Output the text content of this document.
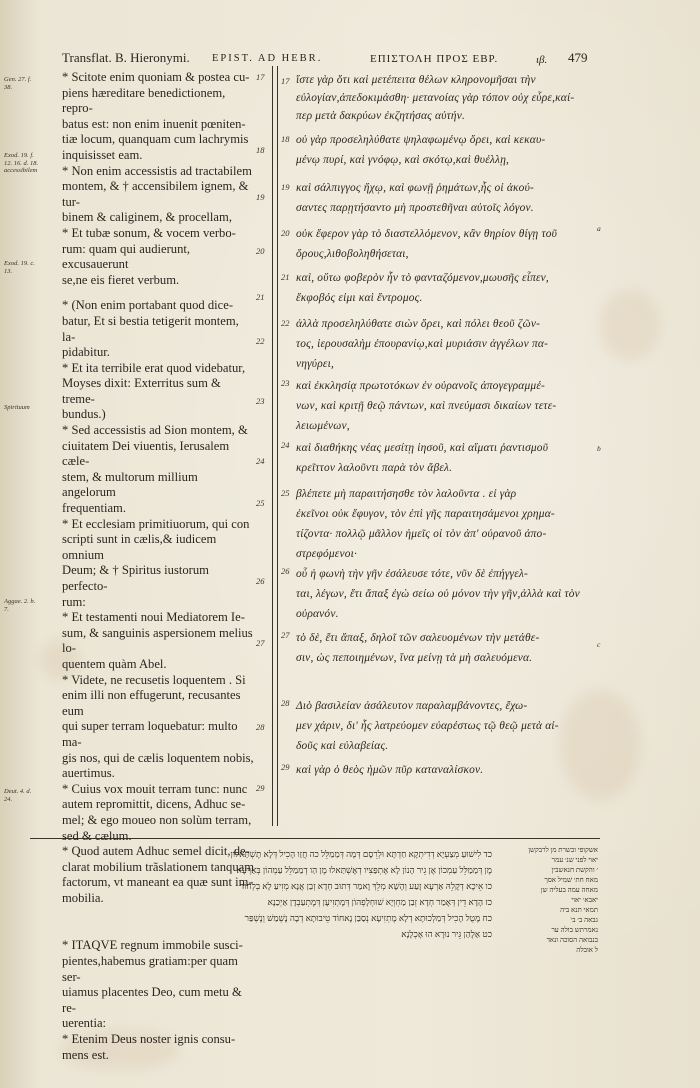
Transflat. B. Hieronymi. EPIST. AD HEBR.	ΕΠΙΣΤΟΛΗ ΠΡΟΣ ΕΒΡ.	ιβ. 479
Gen. 27. f. 38.
Exod. 19. f. 12. 16. d. 18. accessibilem
Exod. 19. c. 13.
Spirituum
Aggae. 2. b. 7.
Deut. 4. d. 24.
17
18
19
20
21
22
23
24
25
26
27
28
29

* Scitote enim quoniam & postea cu-

piens hæreditare benedictionem, repro-

batus est: non enim inuenit pœniten-

tiæ locum, quanquam cum lachrymis

inquisisset eam.

* Non enim accessistis ad tractabilem

montem, & † accensibilem ignem, & tur-

binem & caliginem, & procellam,

* Et tubæ sonum, & vocem verbo-

rum: quam qui audierunt, excusauerunt

se,ne eis fieret verbum.

* (Non enim portabant quod dice-

batur, Et si bestia tetigerit montem, la-

pidabitur.

* Et ita terribile erat quod videbatur,

Moyses dixit: Exterritus sum & treme-

bundus.)

* Sed accessistis ad Sion montem, &

ciuitatem Dei viuentis, Ierusalem cæle-

stem, & multorum millium angelorum

frequentiam.

* Et ecclesiam primitiuorum, qui con

scripti sunt in cælis,& iudicem omnium

Deum; & † Spiritus iustorum perfecto-

rum:

* Et testamenti noui Mediatorem Ie-

sum, & sanguinis aspersionem melius lo-

quentem quàm Abel.

* Videte, ne recusetis loquentem . Si

enim illi non effugerunt, recusantes eum

qui super terram loquebatur: multo ma-

gis nos, qui de cælis loquentem nobis,

auertimus.

* Cuius vox mouit terram tunc: nunc

autem repromittit, dicens, Adhuc se-

mel; & ego moueo non solùm terram,

sed & cælum.

* Quod autem Adhuc semel dicit, de-

clarat mobilium trãslationem tanquam

factorum, vt maneant ea quæ sunt im-

mobilia.

* ITAQVE regnum immobile susci-

pientes,habemus gratiam:per quam ser-

uiamus placentes Deo, cum metu & re-

uerentia:

* Etenim Deus noster ignis consu-

mens est.

17
18
19
20
21
22
23
24
25
26
27
28
29
ἴστε γὰρ ὅτι καὶ μετέπειτα θέλων κληρονομῆσαι τὴν
εὐλογίαν,ἀπεδοκιμάσθη· μετανοίας γὰρ τόπον οὐχ εὗρε,καί-
περ μετὰ δακρύων ἐκζητήσας αὐτήν.
οὐ γὰρ προσεληλύθατε ψηλαφωμένῳ ὄρει, καὶ κεκαυ-
μένῳ πυρί, καὶ γνόφῳ, καὶ σκότῳ,καὶ θυέλλῃ,
καὶ σάλπιγγος ἤχῳ, καὶ φωνῇ ῥημάτων,ἧς οἱ ἀκού-
σαντες παρῃτήσαντο μὴ προστεθῆναι αὐτοῖς λόγον.
οὐκ ἔφερον γὰρ τὸ διαστελλόμενον, κἂν θηρίον θίγῃ τοῦ
ὄρους,λιθοβοληθήσεται,
καὶ, οὕτω φοβερὸν ἦν τὸ φανταζόμενον,μωυσῆς εἶπεν,
ἔκφοβός εἰμι καὶ ἔντρομος.
ἀλλὰ προσεληλύθατε σιὼν ὄρει, καὶ πόλει θεοῦ ζῶν-
τος, ἱερουσαλὴμ ἐπουρανίῳ,καὶ μυριάσιν ἀγγέλων πα-
νηγύρει,
καὶ ἐκκλησίᾳ πρωτοτόκων ἐν οὐρανοῖς ἀπογεγραμμέ-
νων, καὶ κριτῇ θεῷ πάντων, καὶ πνεύμασι δικαίων τετε-
λειωμένων,
καὶ διαθήκης νέας μεσίτῃ ἰησοῦ, καὶ αἵματι ῥαντισμοῦ
κρεῖττον λαλοῦντι παρὰ τὸν ἄβελ.
βλέπετε μὴ παραιτήσησθε τὸν λαλοῦντα . εἰ γὰρ
ἐκεῖνοι οὐκ ἔφυγον, τὸν ἐπὶ γῆς παραιτησάμενοι χρημα-
τίζοντα· πολλῷ μᾶλλον ἡμεῖς οἱ τὸν ἀπ' οὐρανοῦ ἀπο-
στρεφόμενοι·
οὗ ἡ φωνὴ τὴν γῆν ἐσάλευσε τότε, νῦν δὲ ἐπήγγελ-
ται, λέγων, ἔτι ἅπαξ ἐγὼ σείω οὐ μόνον τὴν γῆν,ἀλλὰ καὶ τὸν
οὐρανόν.
τὸ δὲ, ἔτι ἅπαξ, δηλοῖ τῶν σαλευομένων τὴν μετάθε-
σιν, ὡς πεποιημένων, ἵνα μείνῃ τὰ μὴ σαλευόμενα.
Διὸ βασιλείαν ἀσάλευτον παραλαμβάνοντες, ἔχω-
μεν χάριν, δι' ἧς λατρεύομεν εὐαρέστως τῷ θεῷ μετὰ αἰ-
δοῦς καὶ εὐλαβείας.
καὶ γὰρ ὁ θεὸς ἡμῶν πῦρ καταναλίσκον.
a
b
c
כד לִישׁוּעַ מְצַעְיָא דְדִיתְקָא חַדְתָּא וּלְרֵסָם דְּמָה דְּמַמַלֵּל כה חֲזַו הָכִיל דְּלָא תֶשְׁתַּאלוּן
מֶן דְּמַמַלֵּל עַמְכוֹן אֶן גֵיר הָנוֹן לָא אֶתְפַּצִיו דְאֶשְׁתַּאלוּ מֶן הַו דְמַמַלֵּל עַמְהוֹן בְּאַרְעָא
כו אֵיכָא דְקָלֵהּ אַרְעָא זָעַע וְהָשָׁא מְלֵךְ וֶאמַר דְּתוּב חְדָא זְבַן אֲנָא מְזִיעַ לָא בְלְחוֹד
כז הָדָא דֵין דְּאֶמַר חְדָא זְבַן מַחְוְיָא שׁוּחְלָפְהוֹן דְּמֶתְזִיעָן דְּמֶתְעַבְדָן אַיְכַנָא
כח מֶטֻל הָכִיל דְּמַלְכוּתָא דְלָא מֶתְזִיעָא נְסַבַן נֶאחוֹד טֵיבוּתָא דְבָה נֶשְׁמַשׁ וְנֶשְׁפַּר
כט אַלָהַן גֵּיר נוּרָא הוּ אָכְלָנָא
אשקופי ובשרת מן לרבקשן
יאוי לפני שנ׳ עמר
׳ והקשת חנאשבין
מאח חת׳ שׁמִיל אסך
מאחה עמה בעליה שן
יאבא׳ יאוי
תמאי תנא ביה
גבאה ב׳ ב׳ׁ
נאמרתש בולה ער
בנבואה הסוכה ונאד
ל אובלה
